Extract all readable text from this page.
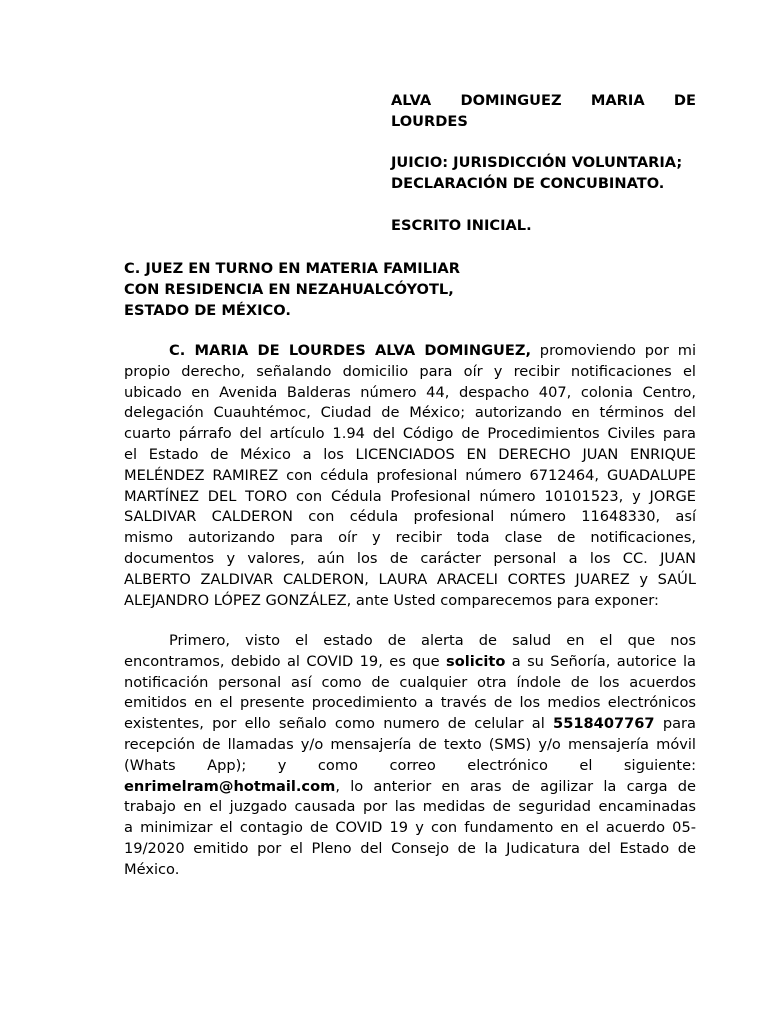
ALVA DOMINGUEZ MARIA DE
LOURDES
JUICIO: JURISDICCIÓN VOLUNTARIA;
DECLARACIÓN DE CONCUBINATO.
ESCRITO INICIAL.
C. JUEZ EN TURNO EN MATERIA FAMILIAR
CON RESIDENCIA EN NEZAHUALCÓYOTL,
ESTADO DE MÉXICO.
C. MARIA DE LOURDES ALVA DOMINGUEZ, promoviendo por mi
propio derecho, señalando domicilio para oír y recibir notificaciones el
ubicado en Avenida Balderas número 44, despacho 407, colonia Centro,
delegación Cuauhtémoc, Ciudad de México; autorizando en términos del
cuarto párrafo del artículo 1.94 del Código de Procedimientos Civiles para
el Estado de México a los LICENCIADOS EN DERECHO JUAN ENRIQUE
MELÉNDEZ RAMIREZ con cédula profesional número 6712464, GUADALUPE
MARTÍNEZ DEL TORO con Cédula Profesional número 10101523, y JORGE
SALDIVAR CALDERON con cédula profesional número 11648330, así
mismo autorizando para oír y recibir toda clase de notificaciones,
documentos y valores, aún los de carácter personal a los CC. JUAN
ALBERTO ZALDIVAR CALDERON, LAURA ARACELI CORTES JUAREZ y SAÚL
ALEJANDRO LÓPEZ GONZÁLEZ, ante Usted comparecemos para exponer:
Primero, visto el estado de alerta de salud en el que nos
encontramos, debido al COVID 19, es que solicito a su Señoría, autorice la
notificación personal así como de cualquier otra índole de los acuerdos
emitidos en el presente procedimiento a través de los medios electrónicos
existentes, por ello señalo como numero de celular al 5518407767 para
recepción de llamadas y/o mensajería de texto (SMS) y/o mensajería móvil
(Whats App); y como correo electrónico el siguiente:
enrimelram@hotmail.com, lo anterior en aras de agilizar la carga de
trabajo en el juzgado causada por las medidas de seguridad encaminadas
a minimizar el contagio de COVID 19 y con fundamento en el acuerdo 05-
19/2020 emitido por el Pleno del Consejo de la Judicatura del Estado de
México.
